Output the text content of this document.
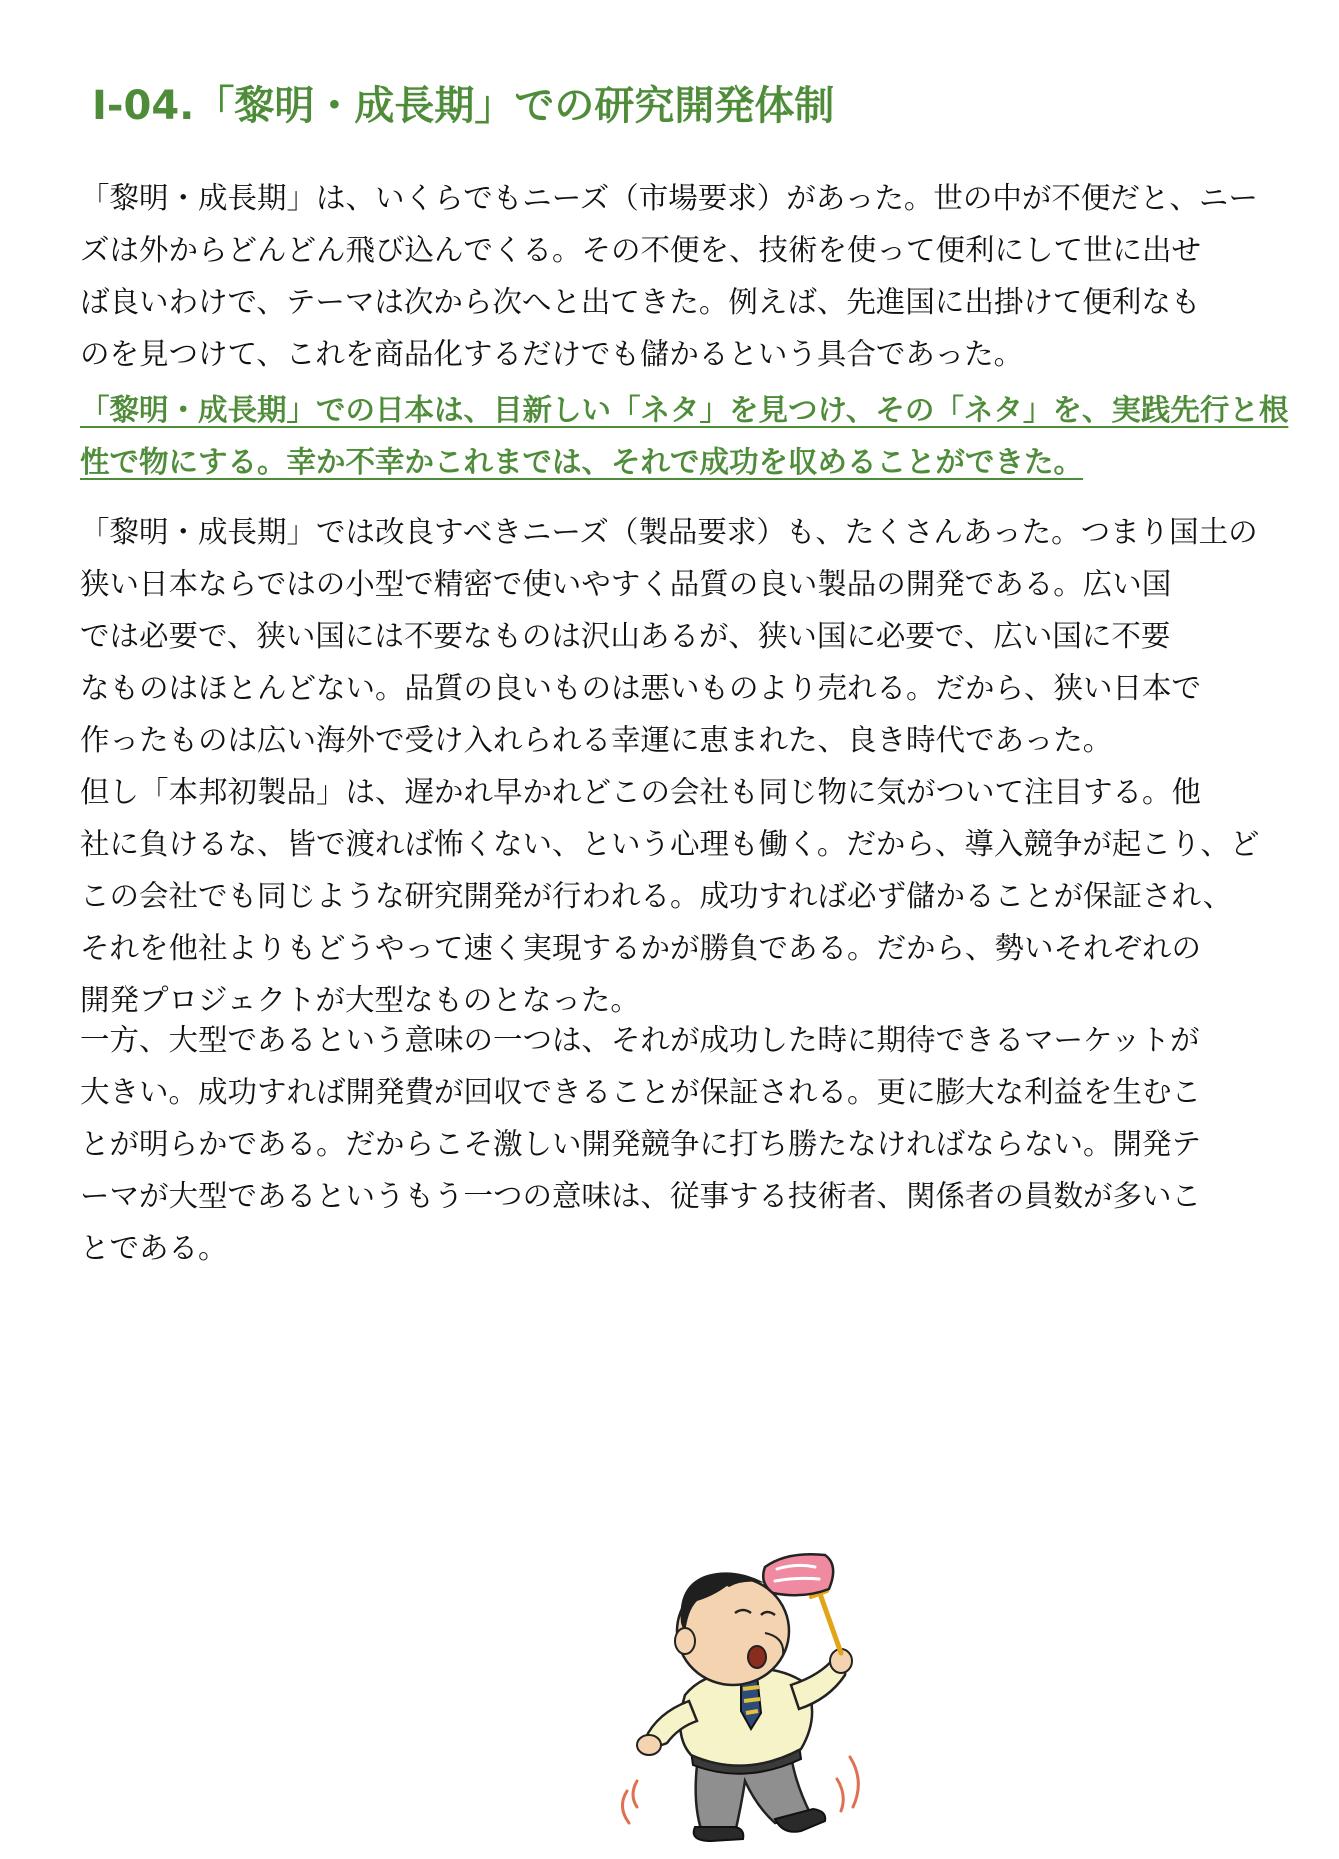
Ⅰ-04.「黎明・成長期」での研究開発体制
「黎明・成長期」は、いくらでもニーズ（市場要求）があった。世の中が不便だと、ニー
ズは外からどんどん飛び込んでくる。その不便を、技術を使って便利にして世に出せ
ば良いわけで、テーマは次から次へと出てきた。例えば、先進国に出掛けて便利なも
のを見つけて、これを商品化するだけでも儲かるという具合であった。
「黎明・成長期」での日本は、目新しい「ネタ」を見つけ、その「ネタ」を、実践先行と根
性で物にする。幸か不幸かこれまでは、それで成功を収めることができた。
「黎明・成長期」では改良すべきニーズ（製品要求）も、たくさんあった。つまり国土の
狭い日本ならではの小型で精密で使いやすく品質の良い製品の開発である。広い国
では必要で、狭い国には不要なものは沢山あるが、狭い国に必要で、広い国に不要
なものはほとんどない。品質の良いものは悪いものより売れる。だから、狭い日本で
作ったものは広い海外で受け入れられる幸運に恵まれた、良き時代であった。
但し「本邦初製品」は、遅かれ早かれどこの会社も同じ物に気がついて注目する。他
社に負けるな、皆で渡れば怖くない、という心理も働く。だから、導入競争が起こり、ど
この会社でも同じような研究開発が行われる。成功すれば必ず儲かることが保証され、
それを他社よりもどうやって速く実現するかが勝負である。だから、勢いそれぞれの
開発プロジェクトが大型なものとなった。
一方、大型であるという意味の一つは、それが成功した時に期待できるマーケットが
大きい。成功すれば開発費が回収できることが保証される。更に膨大な利益を生むこ
とが明らかである。だからこそ激しい開発競争に打ち勝たなければならない。開発テ
ーマが大型であるというもう一つの意味は、従事する技術者、関係者の員数が多いこ
とである。
